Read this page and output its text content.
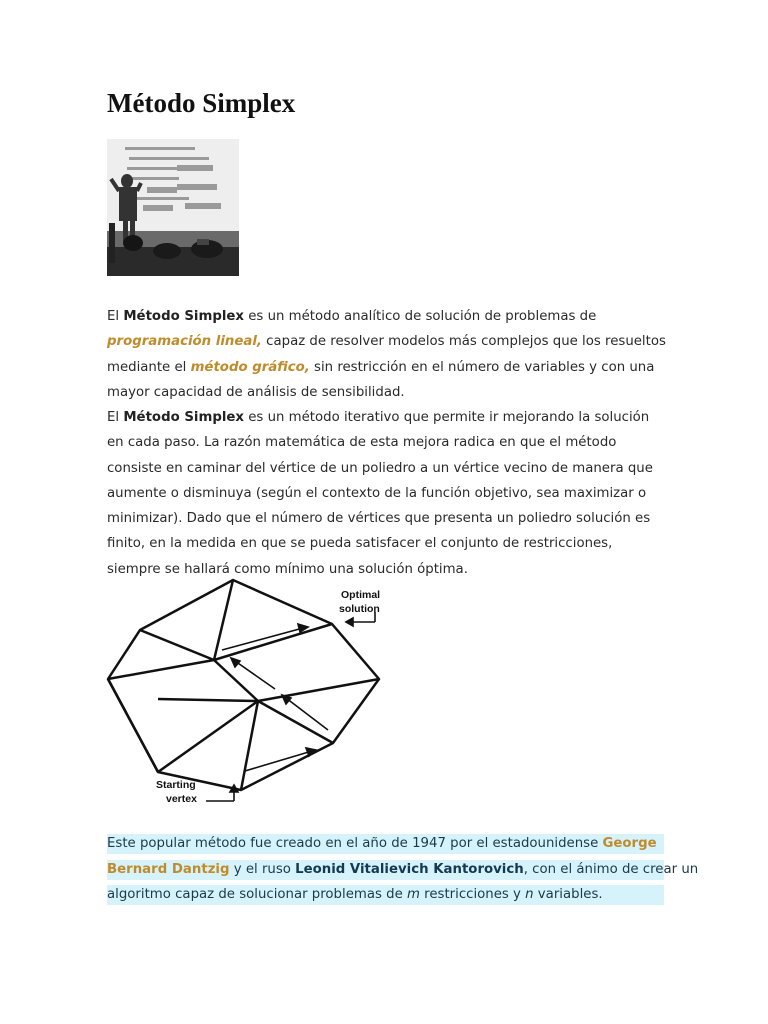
Método Simplex

El Método Simplex es un método analítico de solución de problemas de programación lineal, capaz de resolver modelos más complejos que los resueltos mediante el método gráfico, sin restricción en el número de variables y con una mayor capacidad de análisis de sensibilidad.

El Método Simplex es un método iterativo que permite ir mejorando la solución en cada paso. La razón matemática de esta mejora radica en que el método consiste en caminar del vértice de un poliedro a un vértice vecino de manera que aumente o disminuya (según el contexto de la función objetivo, sea maximizar o minimizar). Dado que el número de vértices que presenta un poliedro solución es finito, en la medida en que se pueda satisfacer el conjunto de restricciones, siempre se hallará como mínimo una solución óptima.

Optimal
solution
Starting
vertex

Este popular método fue creado en el año de 1947 por el estadounidense George

Bernard Dantzig y el ruso Leonid Vitalievich Kantorovich, con el ánimo de crear un

algoritmo capaz de solucionar problemas de m restricciones y n variables.
